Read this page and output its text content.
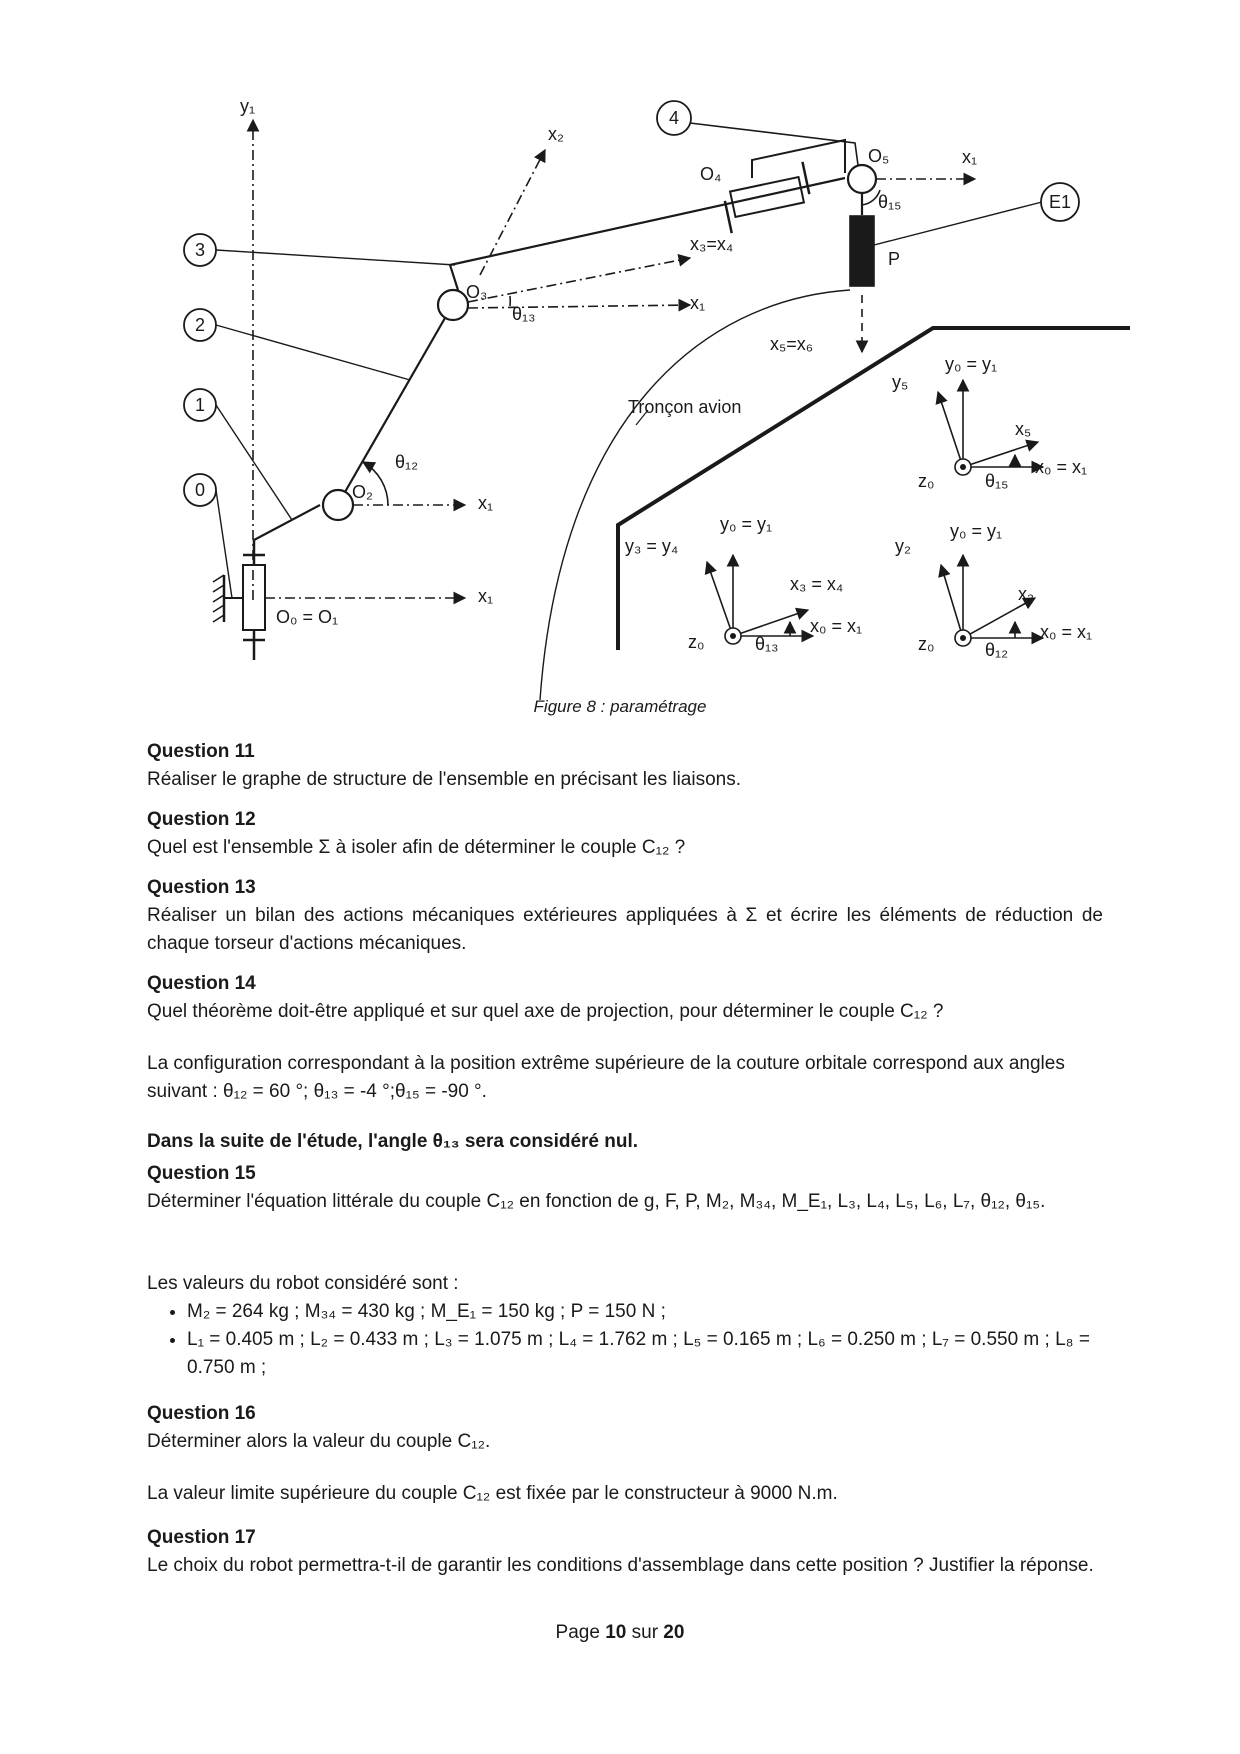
3
2
1
0
4
E1
y₁
x₁
O₀ = O₁
x₁
O₂
θ₁₂
O₃
θ₁₃
x₁
x₂
x₃=x₄
O₄
O₅	x₁
θ₁₅
P
x₅=x₆
Tronçon avion
y₅
y₀ = y₁
x₅
x₀ = x₁
z₀	θ₁₅
y₃ = y₄
y₀ = y₁
x₃ = x₄
x₀ = x₁
z₀	θ₁₃
y₂
y₀ = y₁
x₂
x₀ = x₁
z₀	θ₁₂
Figure 8 : paramétrage
Question 11
Réaliser le graphe de structure de l'ensemble en précisant les liaisons.
Question 12
Quel est l'ensemble Σ à isoler afin de déterminer le couple C₁₂ ?
Question 13
Réaliser un bilan des actions mécaniques extérieures appliquées à Σ et écrire les éléments de réduction de chaque torseur d'actions mécaniques.
Question 14
Quel théorème doit-être appliqué et sur quel axe de projection, pour déterminer le couple C₁₂ ?
La configuration correspondant à la position extrême supérieure de la couture orbitale correspond aux angles suivant : θ₁₂ = 60 °; θ₁₃ = -4 °;θ₁₅ = -90 °.
Dans la suite de l'étude, l'angle θ₁₃ sera considéré nul.
Question 15
Déterminer l'équation littérale du couple C₁₂ en fonction de g, F, P, M₂, M₃₄, M_E₁, L₃, L₄, L₅, L₆, L₇, θ₁₂, θ₁₅.
Les valeurs du robot considéré sont :
• M₂ = 264 kg ; M₃₄ = 430 kg ; M_E₁ = 150 kg ; P = 150 N ;
• L₁ = 0.405 m ; L₂ = 0.433 m ; L₃ = 1.075 m ; L₄ = 1.762 m ; L₅ = 0.165 m ; L₆ = 0.250 m ; L₇ = 0.550 m ; L₈ = 0.750 m ;
Question 16
Déterminer alors la valeur du couple C₁₂.
La valeur limite supérieure du couple C₁₂ est fixée par le constructeur à 9000 N.m.
Question 17
Le choix du robot permettra-t-il de garantir les conditions d'assemblage dans cette position ? Justifier la réponse.
Page 10 sur 20
